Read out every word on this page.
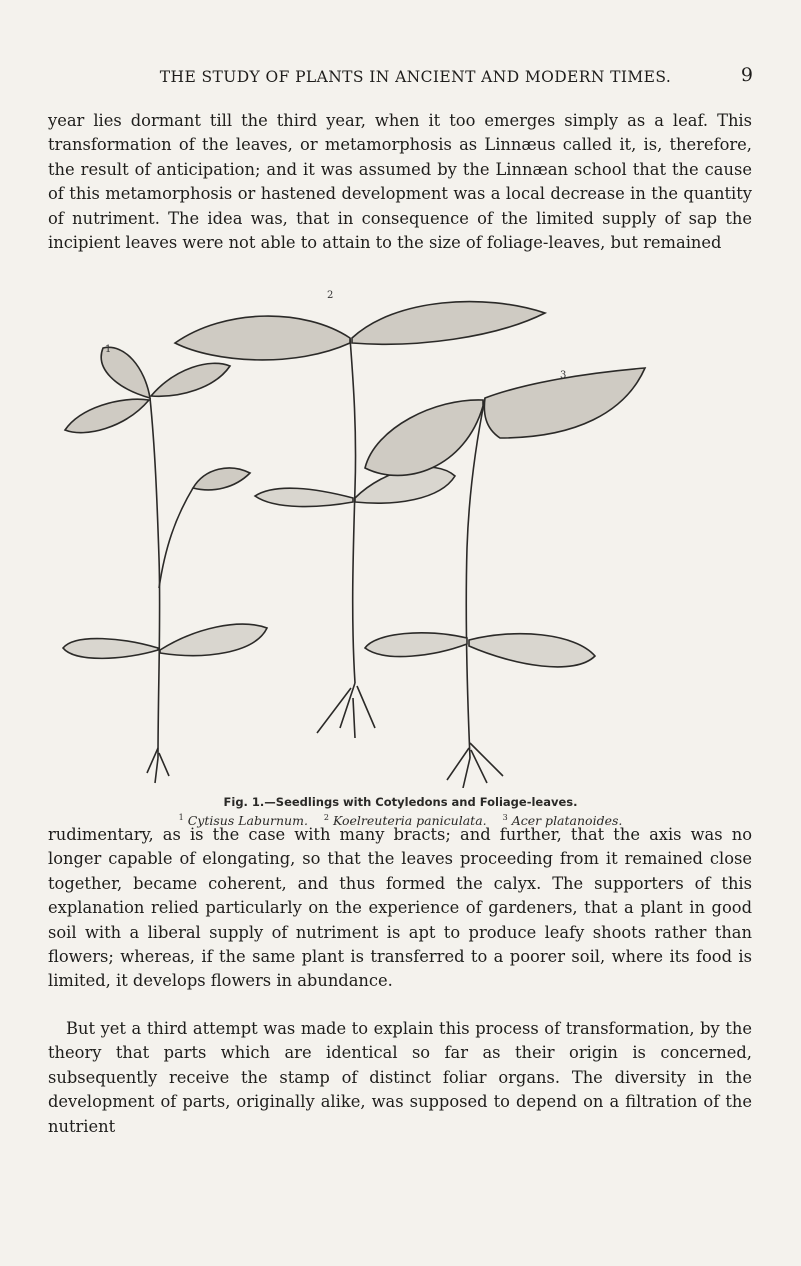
THE STUDY OF PLANTS IN ANCIENT AND MODERN TIMES.	9

year lies dormant till the third year, when it too emerges simply as a leaf. This transformation of the leaves, or metamorphosis as Linnæus called it, is, therefore, the result of anticipation; and it was assumed by the Linnæan school that the cause of this metamorphosis or hastened development was a local decrease in the quantity of nutriment. The idea was, that in consequence of the limited supply of sap the incipient leaves were not able to attain to the size of foliage-leaves, but remained

1
2
3
Fig. 1.—Seedlings with Cotyledons and Foliage-leaves.
$^1$ Cytisus Laburnum. $^2$ Koelreuteria paniculata. $^3$ Acer platanoides.

rudimentary, as is the case with many bracts; and further, that the axis was no longer capable of elongating, so that the leaves proceeding from it remained close together, became coherent, and thus formed the calyx. The supporters of this explanation relied particularly on the experience of gardeners, that a plant in good soil with a liberal supply of nutriment is apt to produce leafy shoots rather than flowers; whereas, if the same plant is transferred to a poorer soil, where its food is limited, it develops flowers in abundance.

But yet a third attempt was made to explain this process of transformation, by the theory that parts which are identical so far as their origin is concerned, subsequently receive the stamp of distinct foliar organs. The diversity in the development of parts, originally alike, was supposed to depend on a filtration of the nutrient
